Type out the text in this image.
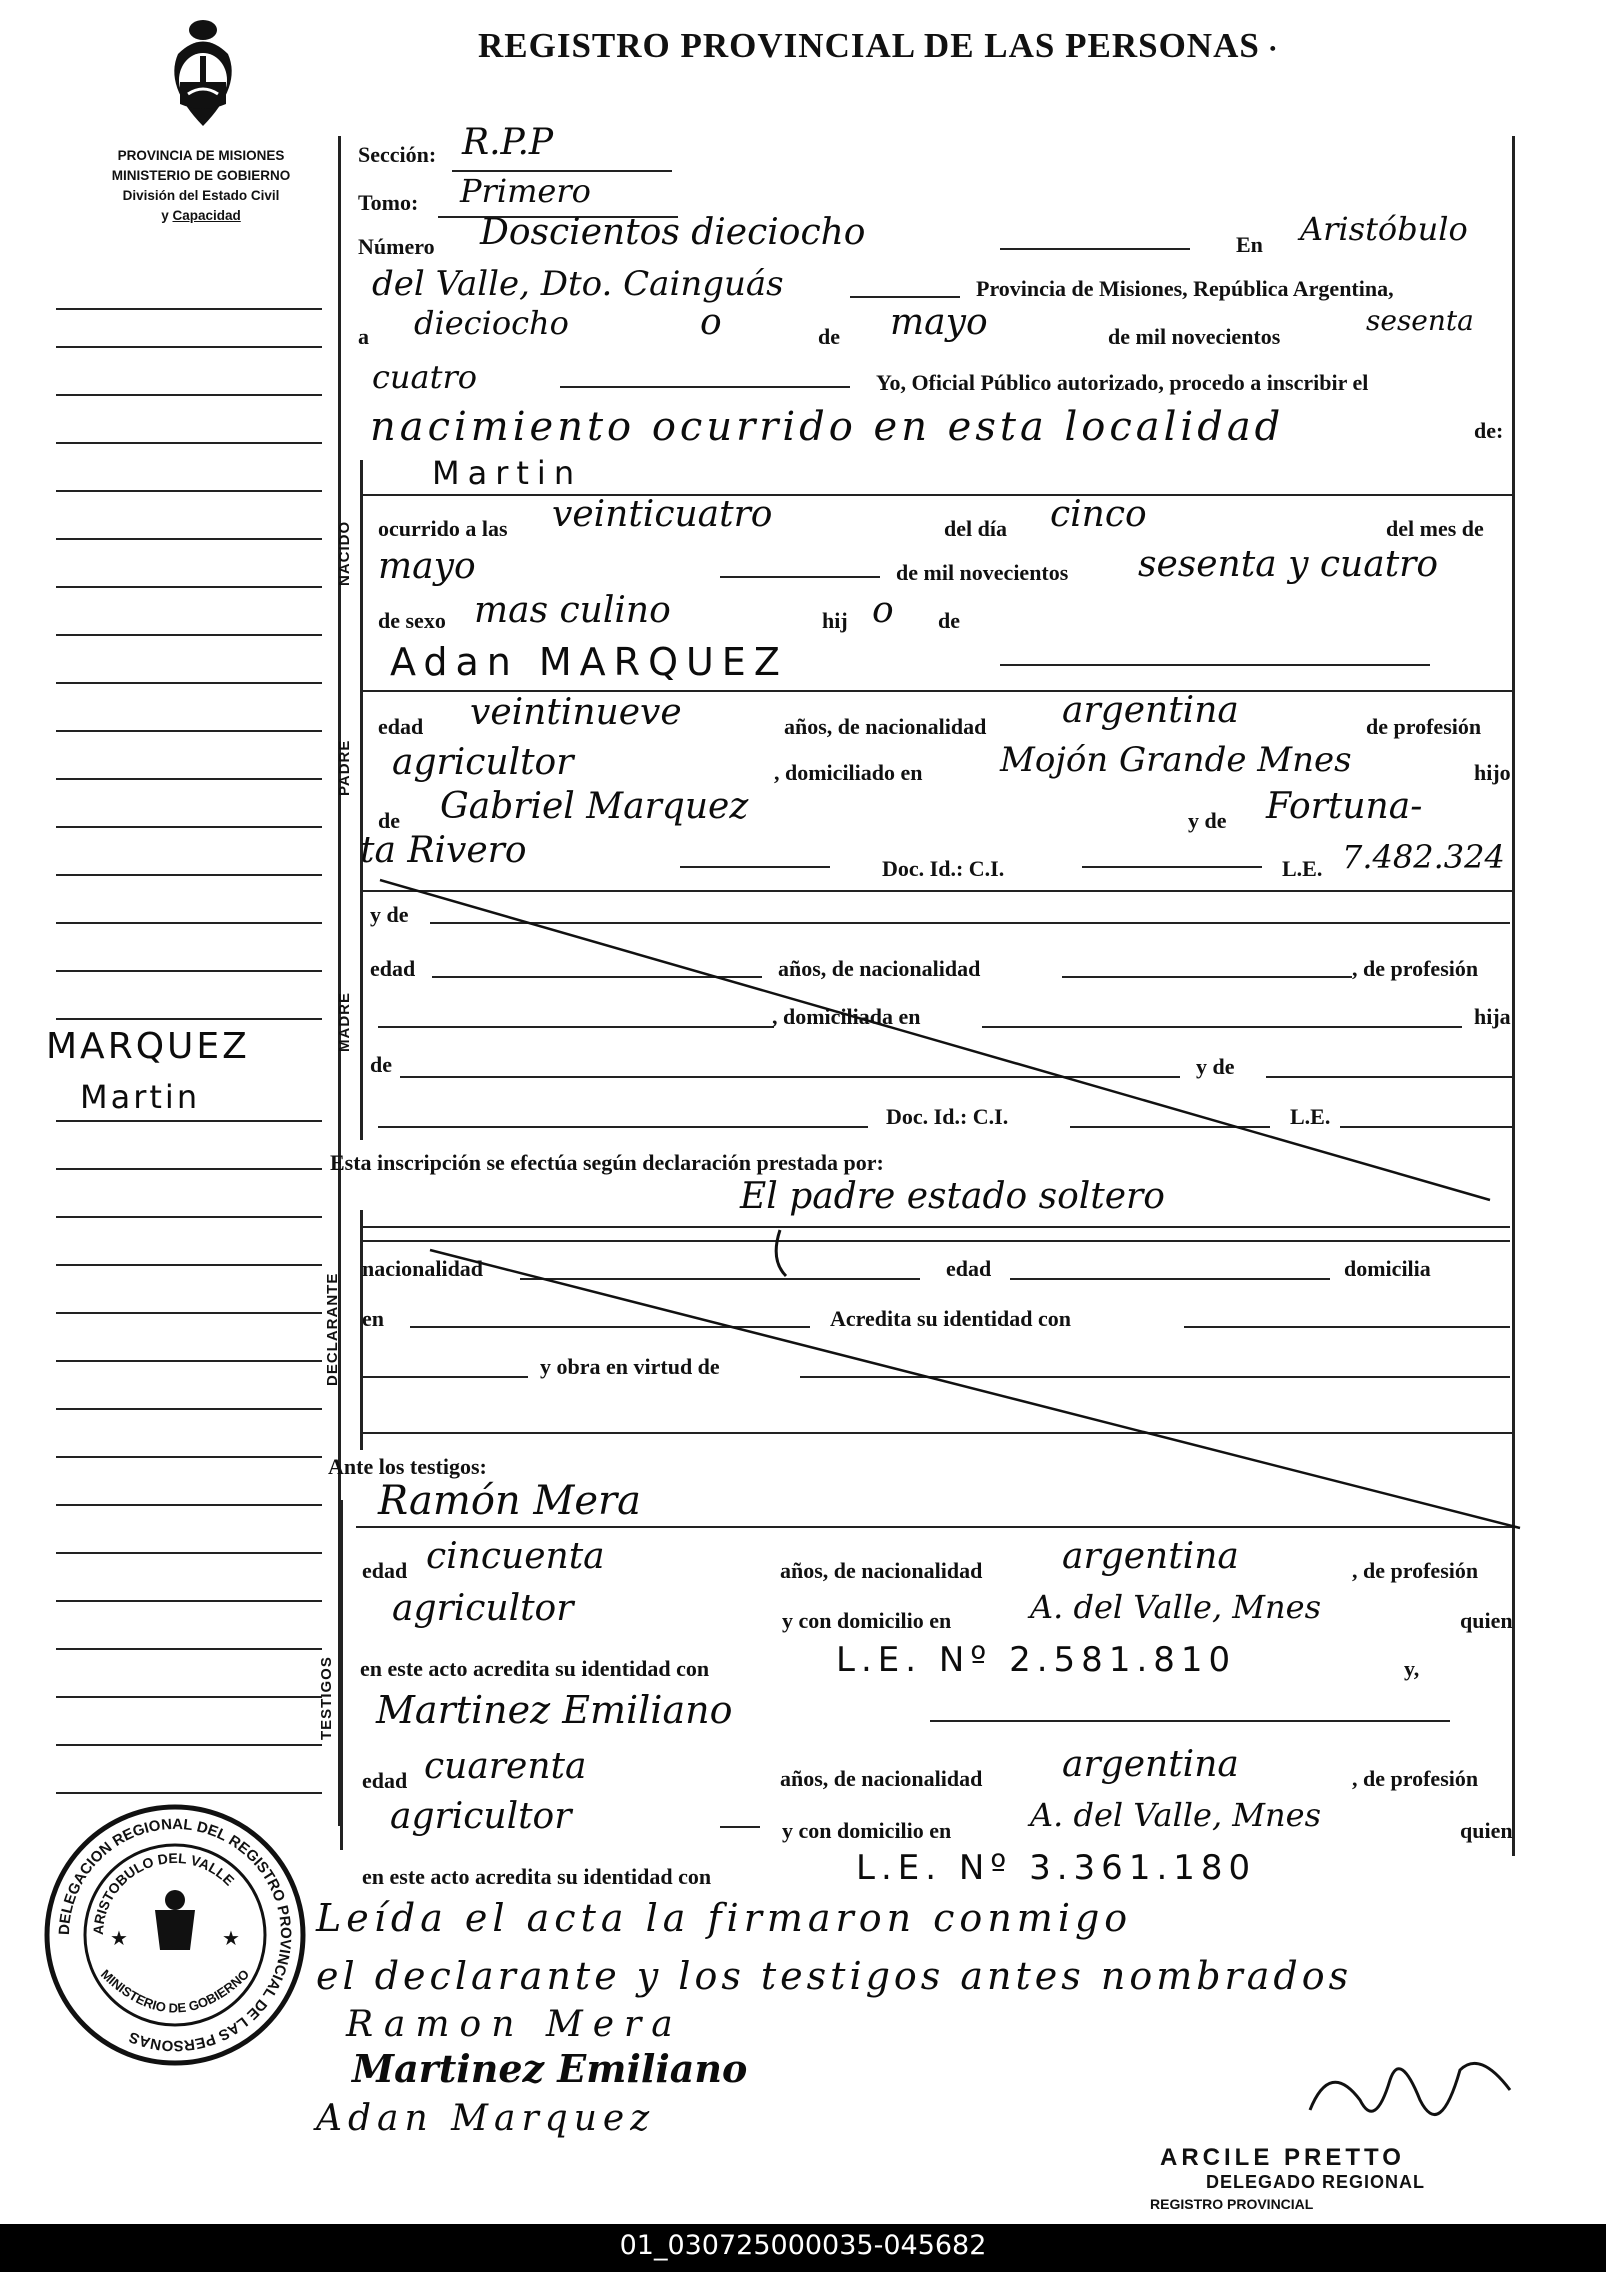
REGISTRO PROVINCIAL DE LAS PERSONAS •
PROVINCIA DE MISIONES
MINISTERIO DE GOBIERNO
División del Estado Civil
y Capacidad
MARQUEZ
Martin
NACIDO
PADRE
MADRE
DECLARANTE
TESTIGOS
Sección: R.P.P
Tomo: Primero
Número Doscientos dieciocho	En Aristóbulo
del Valle, Dto. Cainguás	Provincia de Misiones, República Argentina,
a dieciocho	o	de mayo	de mil novecientos	sesenta
cuatro	Yo, Oficial Público autorizado, procedo a inscribir el
nacimiento ocurrido en esta localidad	de:
Martin
ocurrido a las veinticuatro	del día cinco	del mes de
mayo	de mil novecientos sesenta y cuatro
de sexo mas culino	hij o de
Adan MARQUEZ
edad veintinueve	años, de nacionalidad argentina	de profesión
agricultor	, domiciliado en Mojón Grande Mnes	hijo
de Gabriel Marquez	y de Fortuna-
ta Rivero	Doc. Id.: C.I.	L.E. 7.482.324
y de
edad	años, de nacionalidad	, de profesión
, domiciliada en	hija
de	y de
Doc. Id.: C.I.	L.E.
Esta inscripción se efectúa según declaración prestada por:
El padre estado soltero
nacionalidad	edad	domicilia
en	Acredita su identidad con
y obra en virtud de
Ante los testigos:
Ramón Mera
edad cincuenta	años, de nacionalidad argentina	, de profesión
agricultor	y con domicilio en A. del Valle, Mnes	quien
en este acto acredita su identidad con	L.E. Nº 2.581.810	y,
Martinez Emiliano
edad cuarenta	años, de nacionalidad argentina	, de profesión
agricultor	y con domicilio en A. del Valle, Mnes	quien
en este acto acredita su identidad con	L.E. Nº 3.361.180
Leída el acta la firmaron conmigo
el declarante y los testigos antes nombrados
Ramon Mera
Martinez Emiliano
Adan Marquez
ARCILE PRETTO
DELEGADO REGIONAL
REGISTRO PROVINCIAL
DELEGACION REGIONAL DEL REGISTRO PROVINCIAL DE LAS PERSONAS
ARISTOBULO DEL VALLE
MINISTERIO DE GOBIERNO
★	★
01_030725000035-045682
